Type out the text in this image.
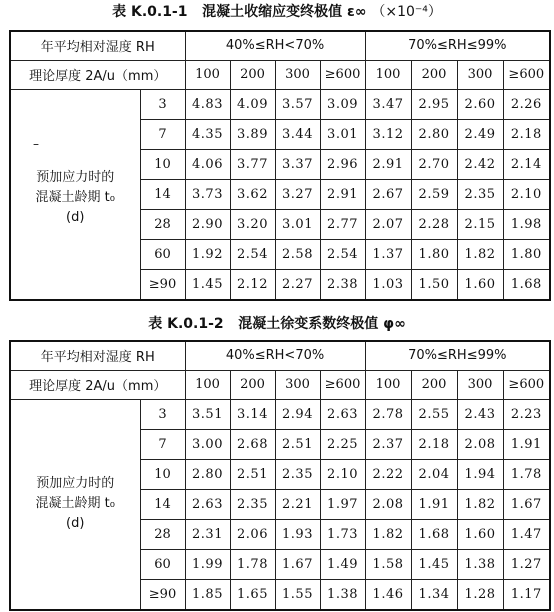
表 K.0.1-1 混凝土收缩应变终极值 ε∞ （×10⁻⁴）
年平均相对湿度 RH		40%≤RH<70%				70%≤RH≤99%			
理论厚度 2A/u（mm）		100	200	300	≥600	100	200	300	≥600

–
预加应力时的
混凝土龄期 t₀
(d)	3	4.83	4.09	3.57	3.09	3.47	2.95	2.60	2.26
	7	4.35	3.89	3.44	3.01	3.12	2.80	2.49	2.18
	10	4.06	3.77	3.37	2.96	2.91	2.70	2.42	2.14
	14	3.73	3.62	3.27	2.91	2.67	2.59	2.35	2.10
	28	2.90	3.20	3.01	2.77	2.07	2.28	2.15	1.98
	60	1.92	2.54	2.58	2.54	1.37	1.80	1.82	1.80
	≥90	1.45	2.12	2.27	2.38	1.03	1.50	1.60	1.68
表 K.0.1-2 混凝土徐变系数终极值 φ∞
年平均相对湿度 RH		40%≤RH<70%				70%≤RH≤99%			
理论厚度 2A/u（mm）		100	200	300	≥600	100	200	300	≥600

预加应力时的
混凝土龄期 t₀
(d)	3	3.51	3.14	2.94	2.63	2.78	2.55	2.43	2.23
	7	3.00	2.68	2.51	2.25	2.37	2.18	2.08	1.91
	10	2.80	2.51	2.35	2.10	2.22	2.04	1.94	1.78
	14	2.63	2.35	2.21	1.97	2.08	1.91	1.82	1.67
	28	2.31	2.06	1.93	1.73	1.82	1.68	1.60	1.47
	60	1.99	1.78	1.67	1.49	1.58	1.45	1.38	1.27
	≥90	1.85	1.65	1.55	1.38	1.46	1.34	1.28	1.17
